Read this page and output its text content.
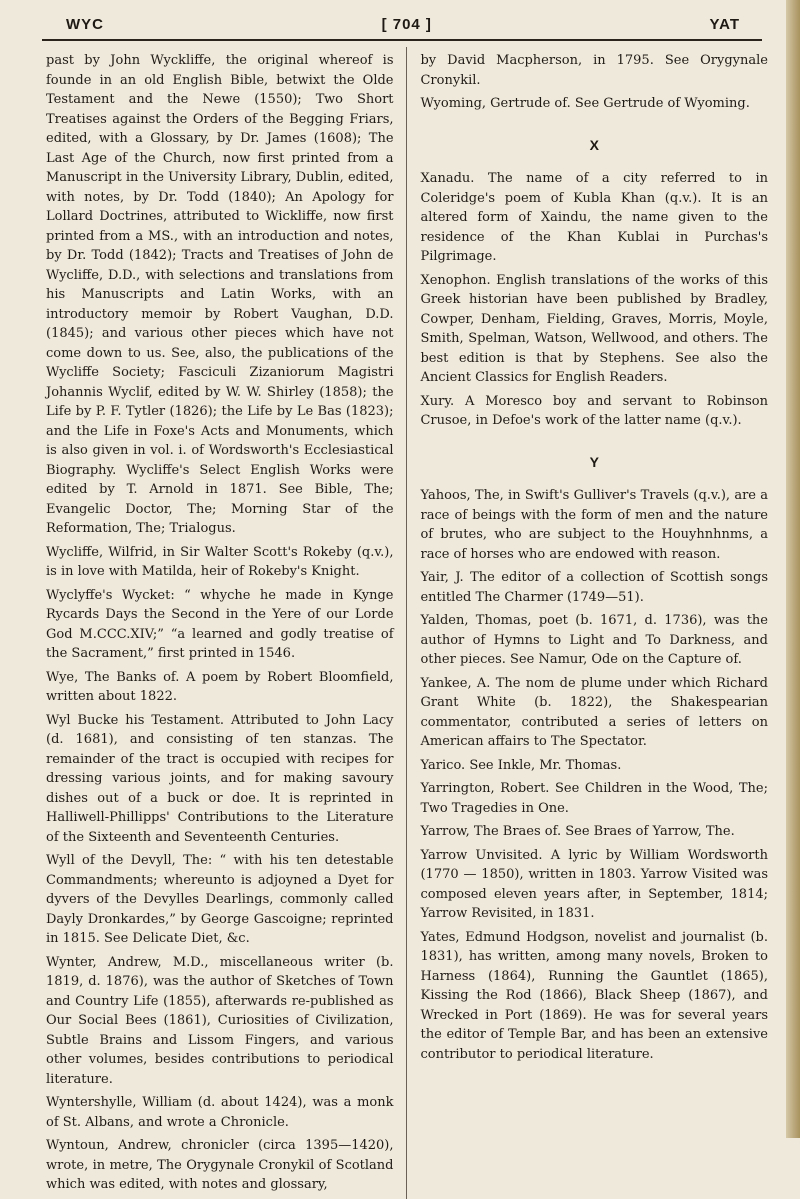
WYC	[ 704 ]	YAT

past by John Wyckliffe, the original whereof is founde in an old English Bible, betwixt the Olde Testament and the Newe (1550); Two Short Treatises against the Orders of the Begging Friars, edited, with a Glossary, by Dr. James (1608); The Last Age of the Church, now first printed from a Manuscript in the University Library, Dublin, edited, with notes, by Dr. Todd (1840); An Apology for Lollard Doctrines, attributed to Wickliffe, now first printed from a MS., with an introduction and notes, by Dr. Todd (1842); Tracts and Treatises of John de Wycliffe, D.D., with selections and translations from his Manuscripts and Latin Works, with an introductory memoir by Robert Vaughan, D.D. (1845); and various other pieces which have not come down to us. See, also, the publications of the Wycliffe Society; Fasciculi Zizaniorum Magistri Johannis Wyclif, edited by W. W. Shirley (1858); the Life by P. F. Tytler (1826); the Life by Le Bas (1823); and the Life in Foxe's Acts and Monuments, which is also given in vol. i. of Wordsworth's Ecclesiastical Biography. Wycliffe's Select English Works were edited by T. Arnold in 1871. See Bible, The; Evangelic Doctor, The; Morning Star of the Reformation, The; Trialogus.

Wycliffe, Wilfrid, in Sir Walter Scott's Rokeby (q.v.), is in love with Matilda, heir of Rokeby's Knight.

Wyclyffe's Wycket: “ whyche he made in Kynge Rycards Days the Second in the Yere of our Lorde God M.CCC.XIV;” “a learned and godly treatise of the Sacrament,” first printed in 1546.

Wye, The Banks of. A poem by Robert Bloomfield, written about 1822.

Wyl Bucke his Testament. Attributed to John Lacy (d. 1681), and consisting of ten stanzas. The remainder of the tract is occupied with recipes for dressing various joints, and for making savoury dishes out of a buck or doe. It is reprinted in Halliwell-Phillipps' Contributions to the Literature of the Sixteenth and Seventeenth Centuries.

Wyll of the Devyll, The: “ with his ten detestable Commandments; whereunto is adjoyned a Dyet for dyvers of the Devylles Dearlings, commonly called Dayly Dronkardes,” by George Gascoigne; reprinted in 1815. See Delicate Diet, &c.

Wynter, Andrew, M.D., miscellaneous writer (b. 1819, d. 1876), was the author of Sketches of Town and Country Life (1855), afterwards re-published as Our Social Bees (1861), Curiosities of Civilization, Subtle Brains and Lissom Fingers, and various other volumes, besides contributions to periodical literature.

Wyntershylle, William (d. about 1424), was a monk of St. Albans, and wrote a Chronicle.

Wyntoun, Andrew, chronicler (circa 1395—1420), wrote, in metre, The Orygynale Cronykil of Scotland which was edited, with notes and glossary,

by David Macpherson, in 1795. See Orygynale Cronykil.

Wyoming, Gertrude of. See Gertrude of Wyoming.

X

Xanadu. The name of a city referred to in Coleridge's poem of Kubla Khan (q.v.). It is an altered form of Xaindu, the name given to the residence of the Khan Kublai in Purchas's Pilgrimage.

Xenophon. English translations of the works of this Greek historian have been published by Bradley, Cowper, Denham, Fielding, Graves, Morris, Moyle, Smith, Spelman, Watson, Wellwood, and others. The best edition is that by Stephens. See also the Ancient Classics for English Readers.

Xury. A Moresco boy and servant to Robinson Crusoe, in Defoe's work of the latter name (q.v.).

Y

Yahoos, The, in Swift's Gulliver's Travels (q.v.), are a race of beings with the form of men and the nature of brutes, who are subject to the Houyhnhnms, a race of horses who are endowed with reason.

Yair, J. The editor of a collection of Scottish songs entitled The Charmer (1749—51).

Yalden, Thomas, poet (b. 1671, d. 1736), was the author of Hymns to Light and To Darkness, and other pieces. See Namur, Ode on the Capture of.

Yankee, A. The nom de plume under which Richard Grant White (b. 1822), the Shakespearian commentator, contributed a series of letters on American affairs to The Spectator.

Yarico. See Inkle, Mr. Thomas.

Yarrington, Robert. See Children in the Wood, The; Two Tragedies in One.

Yarrow, The Braes of. See Braes of Yarrow, The.

Yarrow Unvisited. A lyric by William Wordsworth (1770 — 1850), written in 1803. Yarrow Visited was composed eleven years after, in September, 1814; Yarrow Revisited, in 1831.

Yates, Edmund Hodgson, novelist and journalist (b. 1831), has written, among many novels, Broken to Harness (1864), Running the Gauntlet (1865), Kissing the Rod (1866), Black Sheep (1867), and Wrecked in Port (1869). He was for several years the editor of Temple Bar, and has been an extensive contributor to periodical literature.
